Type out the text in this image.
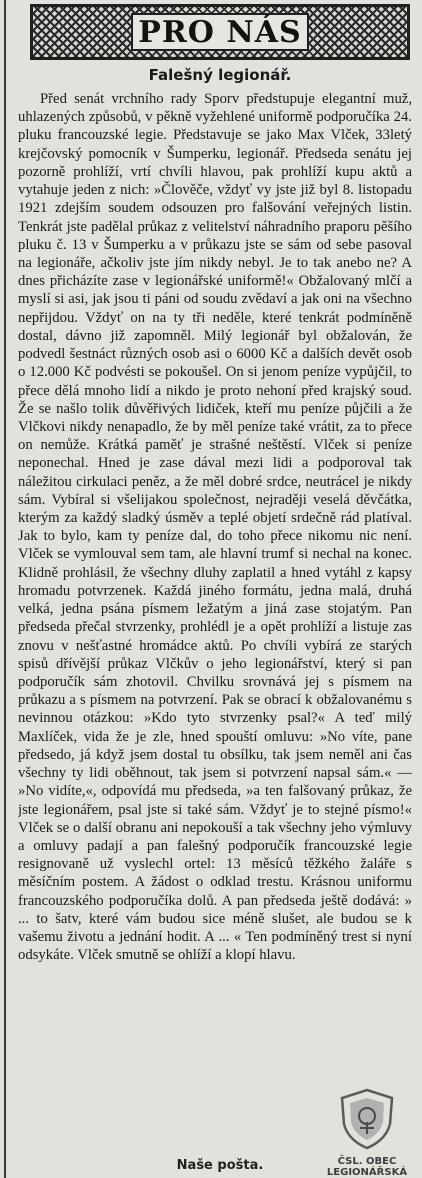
PRO NÁS
Falešný legionář.

Před senát vrchního rady Sporv předstupuje elegantní muž, uhlazených způsobů, v pěkně vyžehlené uniformě podporučíka 24. pluku francouzské legie. Představuje se jako Max Vlček, 33letý krejčovský pomocník v Šumperku, legionář. Předseda senátu jej pozorně prohlíží, vrtí chvíli hlavou, pak prohlíží kupu aktů a vytahuje jeden z nich: »Člověče, vždyť vy jste již byl 8. listopadu 1921 zdejším soudem odsouzen pro falšování veřejných listin. Tenkrát jste padělal průkaz z velitelství náhradního praporu pěšího pluku č. 13 v Šumperku a v průkazu jste se sám od sebe pasoval na legionáře, ačkoliv jste jím nikdy nebyl. Je to tak anebo ne? A dnes přicházíte zase v legionářské uniformě!« Obžalovaný mlčí a myslí si asi, jak jsou ti páni od soudu zvědaví a jak oni na všechno nepřijdou. Vždyť on na ty tři neděle, které tenkrát podmíněně dostal, dávno již zapomněl. Milý legionář byl obžalován, že podvedl šestnáct různých osob asi o 6000 Kč a dalších devět osob o 12.000 Kč podvésti se pokoušel. On si jenom peníze vypůjčil, to přece dělá mnoho lidí a nikdo je proto nehoní před krajský soud. Že se našlo tolik důvěřivých lidiček, kteří mu peníze půjčili a že Vlčkovi nikdy nenapadlo, že by měl peníze také vrátit, za to přece on nemůže. Krátká paměť je strašné neštěstí. Vlček si peníze neponechal. Hned je zase dával mezi lidi a podporoval tak náležitou cirkulaci peněz, a že měl dobré srdce, neutrácel je nikdy sám. Vybíral si všelijakou společnost, nejraději veselá děvčátka, kterým za každý sladký úsměv a teplé objetí srdečně rád platíval. Jak to bylo, kam ty peníze dal, do toho přece nikomu nic není. Vlček se vymlouval sem tam, ale hlavní trumf si nechal na konec. Klidně prohlásil, že všechny dluhy zaplatil a hned vytáhl z kapsy hromadu potvrzenek. Každá jiného formátu, jedna malá, druhá velká, jedna psána písmem ležatým a jiná zase stojatým. Pan předseda přečal stvrzenky, prohlédl je a opět prohlíží a listuje zas znovu v nešťastné hromádce aktů. Po chvíli vybírá ze starých spisů dřívější průkaz Vlčkův o jeho legionářství, který si pan podporučík sám zhotovil. Chvilku srovnává jej s písmem na průkazu a s písmem na potvrzení. Pak se obrací k obžalovanému s nevinnou otázkou: »Kdo tyto stvrzenky psal?« A teď milý Maxlíček, vida že je zle, hned spouští omluvu: »No víte, pane předsedo, já když jsem dostal tu obsílku, tak jsem neměl ani čas všechny ty lidi oběhnout, tak jsem si potvrzení napsal sám.« — »No vidíte,«, odpovídá mu předseda, »a ten falšovaný průkaz, že jste legionářem, psal jste si také sám. Vždyť je to stejné písmo!« Vlček se o další obranu ani nepokouší a tak všechny jeho výmluvy a omluvy padají a pan falešný podporučík francouzské legie resignovaně už vyslechl ortel: 13 měsíců těžkého žaláře s měsíčním postem. A žádost o odklad trestu. Krásnou uniformu francouzského podporučíka dolů. A pan předseda ještě dodává: » ... to šatv, které vám budou sice méně slušet, ale budou se k vašemu životu a jednání hodit. A ... « Ten podmíněný trest si nyní odsykáte. Vlček smutně se ohlíží a klopí hlavu.

ČSL. OBEC
LEGIONÁŘSKÁ
Naše pošta.
